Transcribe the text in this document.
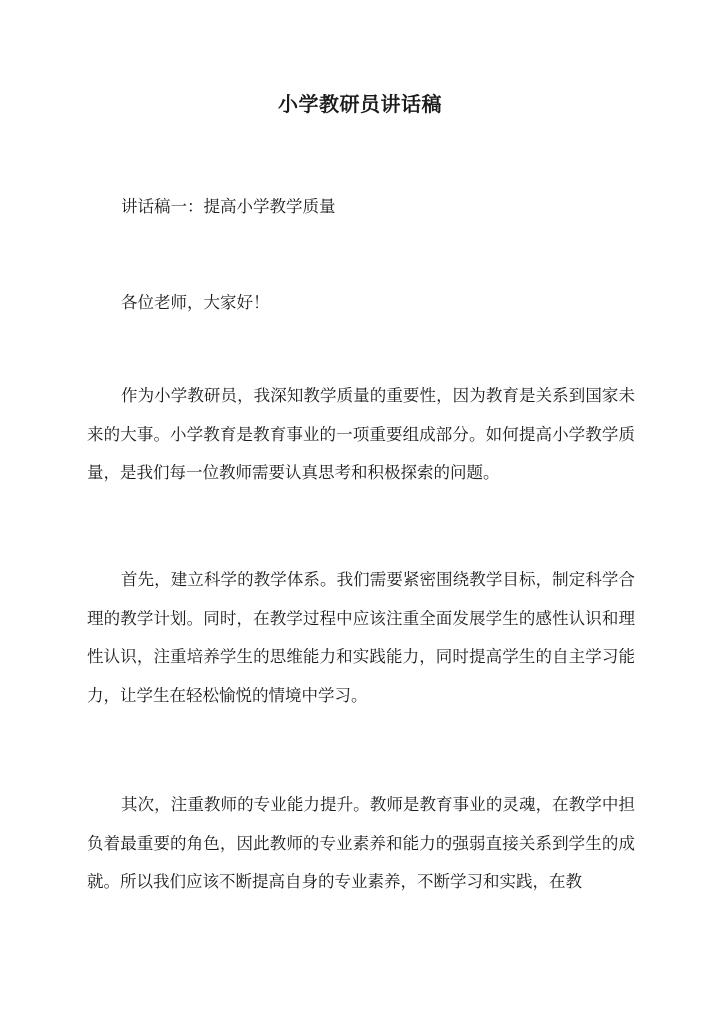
小学教研员讲话稿

讲话稿一：提高小学教学质量

各位老师，大家好！

作为小学教研员，我深知教学质量的重要性，因为教育是关系到国家未来的大事。小学教育是教育事业的一项重要组成部分。如何提高小学教学质量，是我们每一位教师需要认真思考和积极探索的问题。

首先，建立科学的教学体系。我们需要紧密围绕教学目标，制定科学合理的教学计划。同时，在教学过程中应该注重全面发展学生的感性认识和理性认识，注重培养学生的思维能力和实践能力，同时提高学生的自主学习能力，让学生在轻松愉悦的情境中学习。

其次，注重教师的专业能力提升。教师是教育事业的灵魂，在教学中担负着最重要的角色，因此教师的专业素养和能力的强弱直接关系到学生的成就。所以我们应该不断提高自身的专业素养，不断学习和实践，在教
